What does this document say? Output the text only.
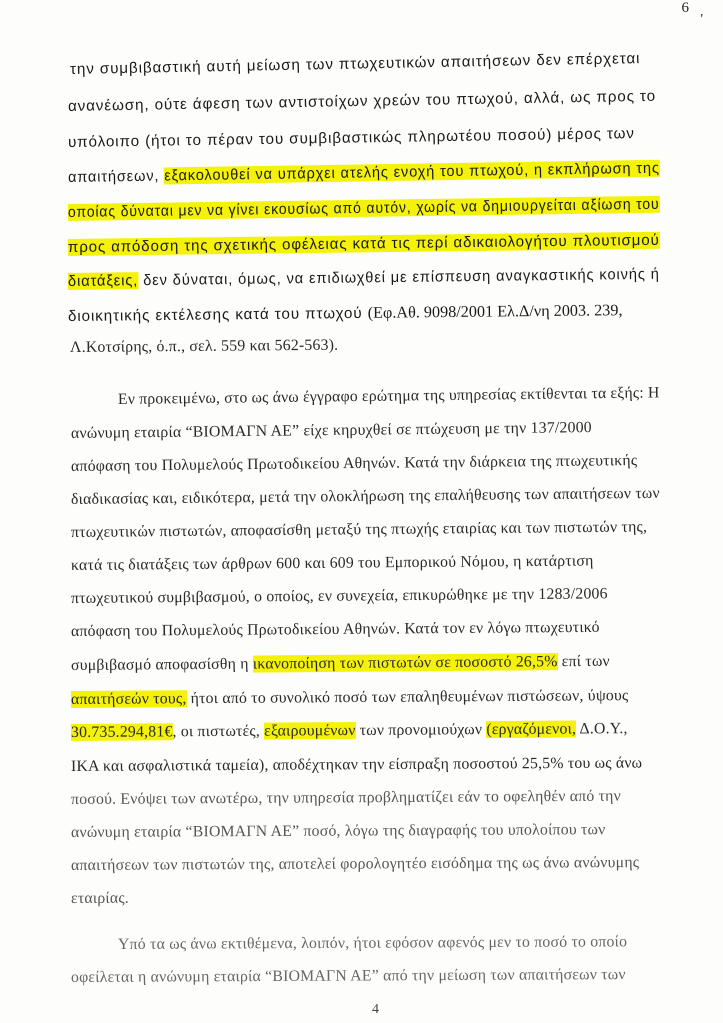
6
'
την συμβιβαστική αυτή μείωση των πτωχευτικών απαιτήσεων δεν επέρχεται
ανανέωση, ούτε άφεση των αντιστοίχων χρεών του πτωχού, αλλά, ως προς το
υπόλοιπο (ήτοι το πέραν του συμβιβαστικώς πληρωτέου ποσού) μέρος των
απαιτήσεων, εξακολουθεί να υπάρχει ατελής ενοχή του πτωχού, η εκπλήρωση της
οποίας δύναται μεν να γίνει εκουσίως από αυτόν, χωρίς να δημιουργείται αξίωση του
προς απόδοση της σχετικής οφέλειας κατά τις περί αδικαιολογήτου πλουτισμού
διατάξεις, δεν δύναται, όμως, να επιδιωχθεί με επίσπευση αναγκαστικής κοινής ή
διοικητικής εκτέλεσης κατά του πτωχού (Εφ.Αθ. 9098/2001 Ελ.Δ/νη 2003. 239,
Λ.Κοτσίρης, ό.π., σελ. 559 και 562-563).
Εν προκειμένω, στο ως άνω έγγραφο ερώτημα της υπηρεσίας εκτίθενται τα εξής: Η
ανώνυμη εταιρία “ΒΙΟΜΑΓΝ ΑΕ” είχε κηρυχθεί σε πτώχευση με την 137/2000
απόφαση του Πολυμελούς Πρωτοδικείου Αθηνών. Κατά την διάρκεια της πτωχευτικής
διαδικασίας και, ειδικότερα, μετά την ολοκλήρωση της επαλήθευσης των απαιτήσεων των
πτωχευτικών πιστωτών, αποφασίσθη μεταξύ της πτωχής εταιρίας και των πιστωτών της,
κατά τις διατάξεις των άρθρων 600 και 609 του Εμπορικού Νόμου, η κατάρτιση
πτωχευτικού συμβιβασμού, ο οποίος, εν συνεχεία, επικυρώθηκε με την 1283/2006
απόφαση του Πολυμελούς Πρωτοδικείου Αθηνών. Κατά τον εν λόγω πτωχευτικό
συμβιβασμό αποφασίσθη η ικανοποίηση των πιστωτών σε ποσοστό 26,5% επί των
απαιτήσεών τους, ήτοι από το συνολικό ποσό των επαληθευμένων πιστώσεων, ύψους
30.735.294,81€, οι πιστωτές, εξαιρουμένων των προνομιούχων (εργαζόμενοι, Δ.Ο.Υ.,
ΙΚΑ και ασφαλιστικά ταμεία), αποδέχτηκαν την είσπραξη ποσοστού 25,5% του ως άνω
ποσού. Ενόψει των ανωτέρω, την υπηρεσία προβληματίζει εάν το οφεληθέν από την
ανώνυμη εταιρία “ΒΙΟΜΑΓΝ ΑΕ” ποσό, λόγω της διαγραφής του υπολοίπου των
απαιτήσεων των πιστωτών της, αποτελεί φορολογητέο εισόδημα της ως άνω ανώνυμης
εταιρίας.
Υπό τα ως άνω εκτιθέμενα, λοιπόν, ήτοι εφόσον αφενός μεν το ποσό το οποίο
οφείλεται η ανώνυμη εταιρία “ΒΙΟΜΑΓΝ ΑΕ” από την μείωση των απαιτήσεων των
4
